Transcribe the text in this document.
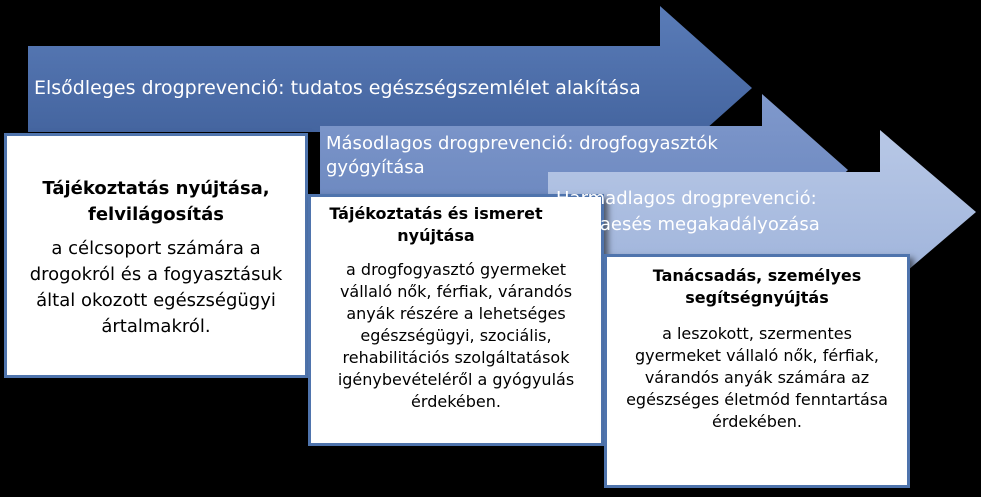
Elsődleges drogprevenció: tudatos egészségszemlélet alakítása
Tájékoztatás nyújtása, felvilágosítás
a célcsoport számára a drogokról és a fogyasztásuk által okozott egészségügyi ártalmakról.
Másodlagos drogprevenció: drogfogyasztók gyógyítása
Tájékoztatás és ismeret nyújtása
a drogfogyasztó gyermeket vállaló nők, férfiak, várandós anyák részére a lehetséges egészségügyi, szociális, rehabilitációs szolgáltatások igénybevételéről a gyógyulás érdekében.
Harmadlagos drogprevenció: visszaesés megakadályozása
Tanácsadás, személyes segítségnyújtás
a leszokott, szermentes gyermeket vállaló nők, férfiak, várandós anyák számára az egészséges életmód fenntartása érdekében.
